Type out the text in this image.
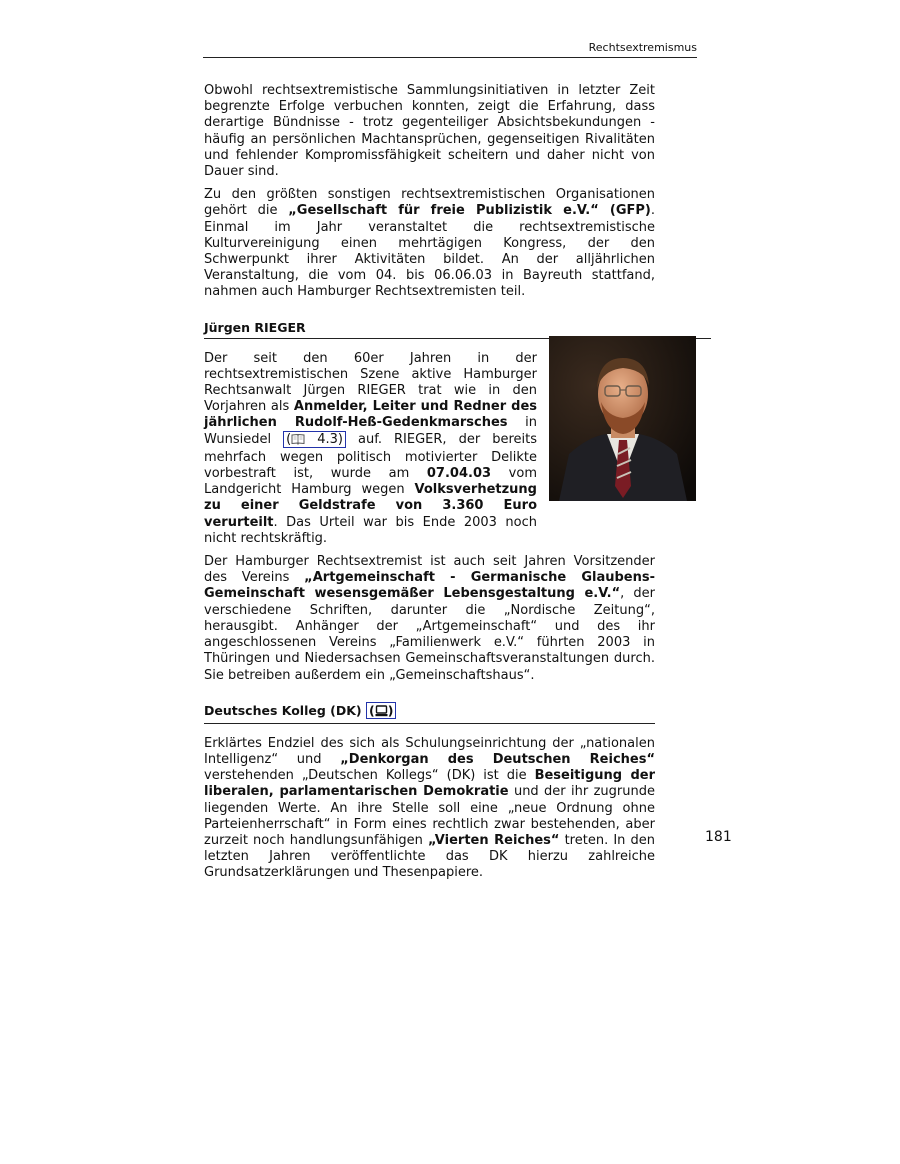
Rechtsextremismus

Obwohl rechtsextremistische Sammlungsinitiativen in letzter Zeit begrenzte Erfolge verbuchen konnten, zeigt die Erfahrung, dass derartige Bündnisse - trotz gegenteiliger Absichtsbekundungen - häufig an persönlichen Machtansprüchen, gegenseitigen Rivalitäten und fehlender Kompromissfähigkeit scheitern und daher nicht von Dauer sind.

Zu den größten sonstigen rechtsextremistischen Organisationen gehört die „Gesellschaft für freie Publizistik e.V.“ (GFP). Einmal im Jahr veranstaltet die rechtsextremistische Kulturvereinigung einen mehrtägigen Kongress, der den Schwerpunkt ihrer Aktivitäten bildet. An der alljährlichen Veranstaltung, die vom 04. bis 06.06.03 in Bayreuth stattfand, nahmen auch Hamburger Rechtsextremisten teil.

Jürgen RIEGER

Der seit den 60er Jahren in der rechtsextremistischen Szene aktive Hamburger Rechtsanwalt Jürgen RIEGER trat wie in den Vorjahren als Anmelder, Leiter und Redner des jährlichen Rudolf-Heß-Gedenkmarsches in Wunsiedel ( 4.3) auf. RIEGER, der bereits mehrfach wegen politisch motivierter Delikte vorbestraft ist, wurde am 07.04.03 vom Landgericht Hamburg wegen Volksverhetzung zu einer Geldstrafe von 3.360 Euro verurteilt. Das Urteil war bis Ende 2003 noch nicht rechtskräftig.

Der Hamburger Rechtsextremist ist auch seit Jahren Vorsitzender des Vereins „Artgemeinschaft - Germanische Glaubens-Gemeinschaft wesensgemäßer Lebensgestaltung e.V.“, der verschiedene Schriften, darunter die „Nordische Zeitung“, herausgibt. Anhänger der „Artgemeinschaft“ und des ihr angeschlossenen Vereins „Familienwerk e.V.“ führten 2003 in Thüringen und Niedersachsen Gemeinschaftsveranstaltungen durch. Sie betreiben außerdem ein „Gemeinschaftshaus“.

Deutsches Kolleg (DK) ( )

Erklärtes Endziel des sich als Schulungseinrichtung der „nationalen Intelligenz“ und „Denkorgan des Deutschen Reiches“ verstehenden „Deutschen Kollegs“ (DK) ist die Beseitigung der liberalen, parlamentarischen Demokratie und der ihr zugrunde liegenden Werte. An ihre Stelle soll eine „neue Ordnung ohne Parteienherrschaft“ in Form eines rechtlich zwar bestehenden, aber zurzeit noch handlungsunfähigen „Vierten Reiches“ treten. In den letzten Jahren veröffentlichte das DK hierzu zahlreiche Grundsatzerklärungen und Thesenpapiere.

181
